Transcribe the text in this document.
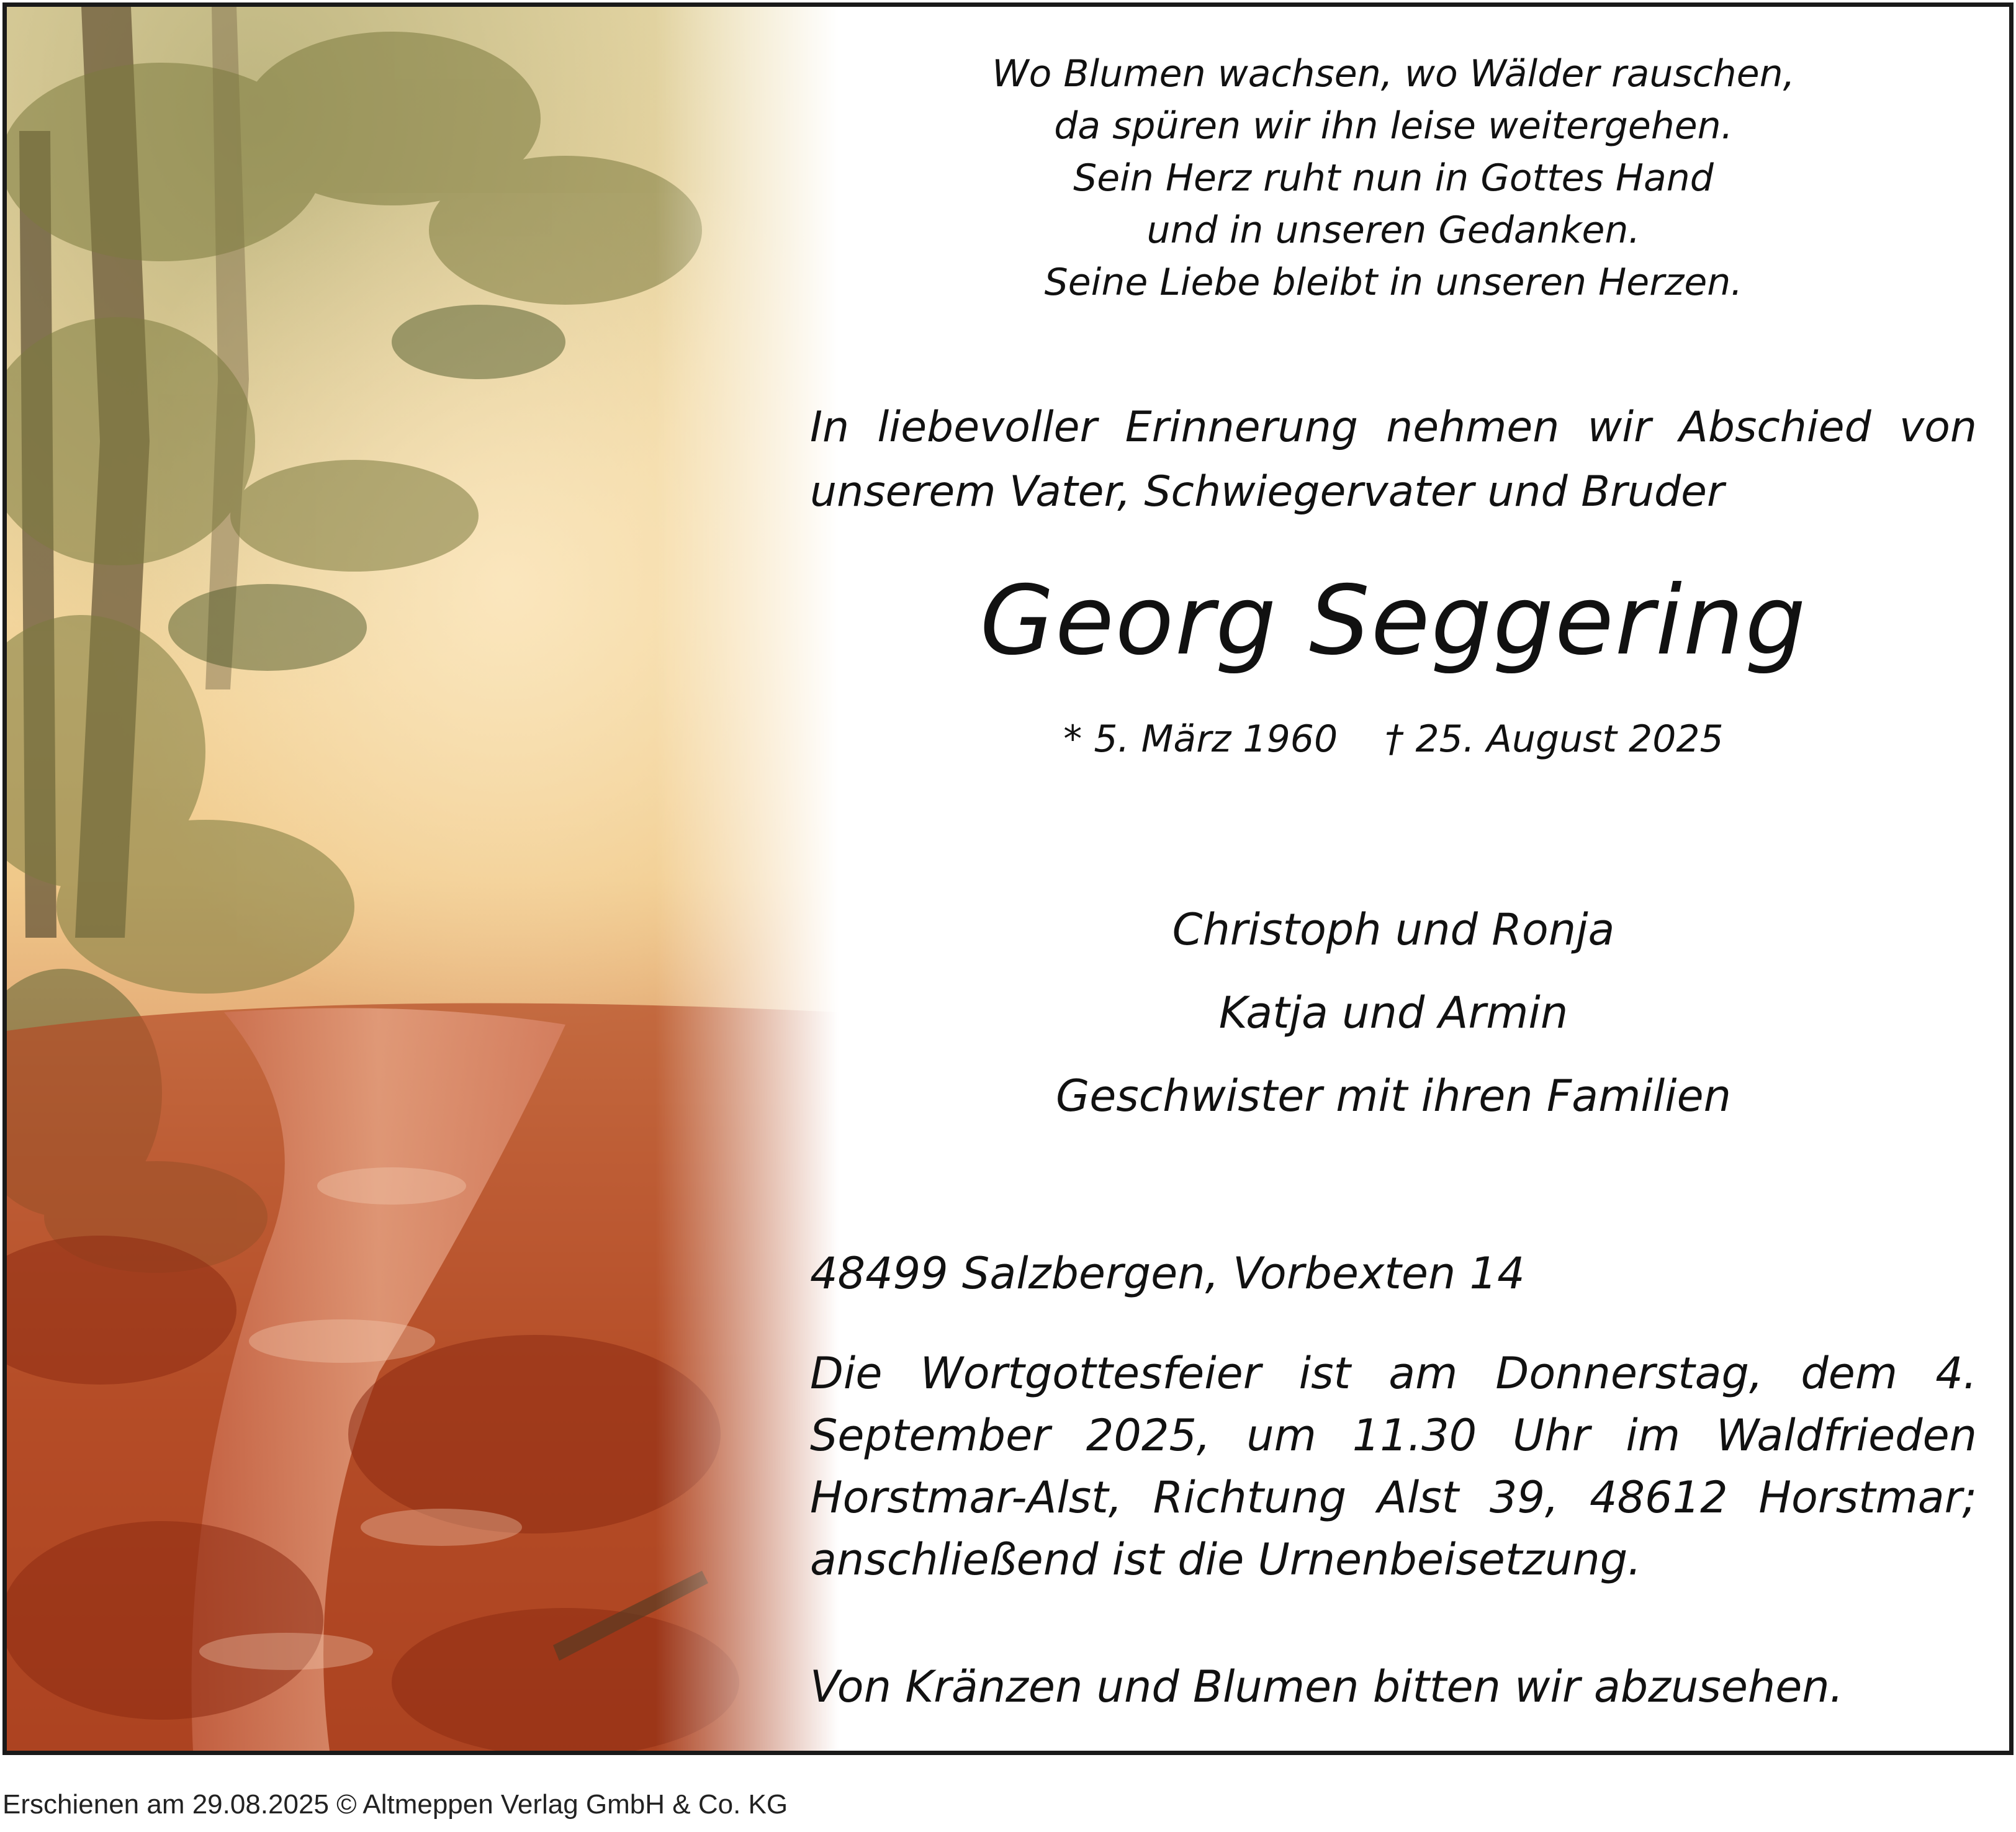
Wo Blumen wachsen, wo Wälder rauschen,
da spüren wir ihn leise weitergehen.
Sein Herz ruht nun in Gottes Hand
und in unseren Gedanken.
Seine Liebe bleibt in unseren Herzen.
In liebevoller Erinnerung nehmen wir Abschied von
unserem Vater, Schwiegervater und Bruder
Georg Seggering
* 5. März 1960    † 25. August 2025
Christoph und Ronja
Katja und Armin
Geschwister mit ihren Familien
48499 Salzbergen, Vorbexten 14
Die Wortgottesfeier ist am Donnerstag, dem 4. September 2025, um 11.30 Uhr im Waldfrieden Horstmar-Alst, Richtung Alst 39, 48612 Horstmar; anschließend ist die Urnenbeisetzung.
Von Kränzen und Blumen bitten wir abzusehen.
Erschienen am 29.08.2025 © Altmeppen Verlag GmbH & Co. KG
